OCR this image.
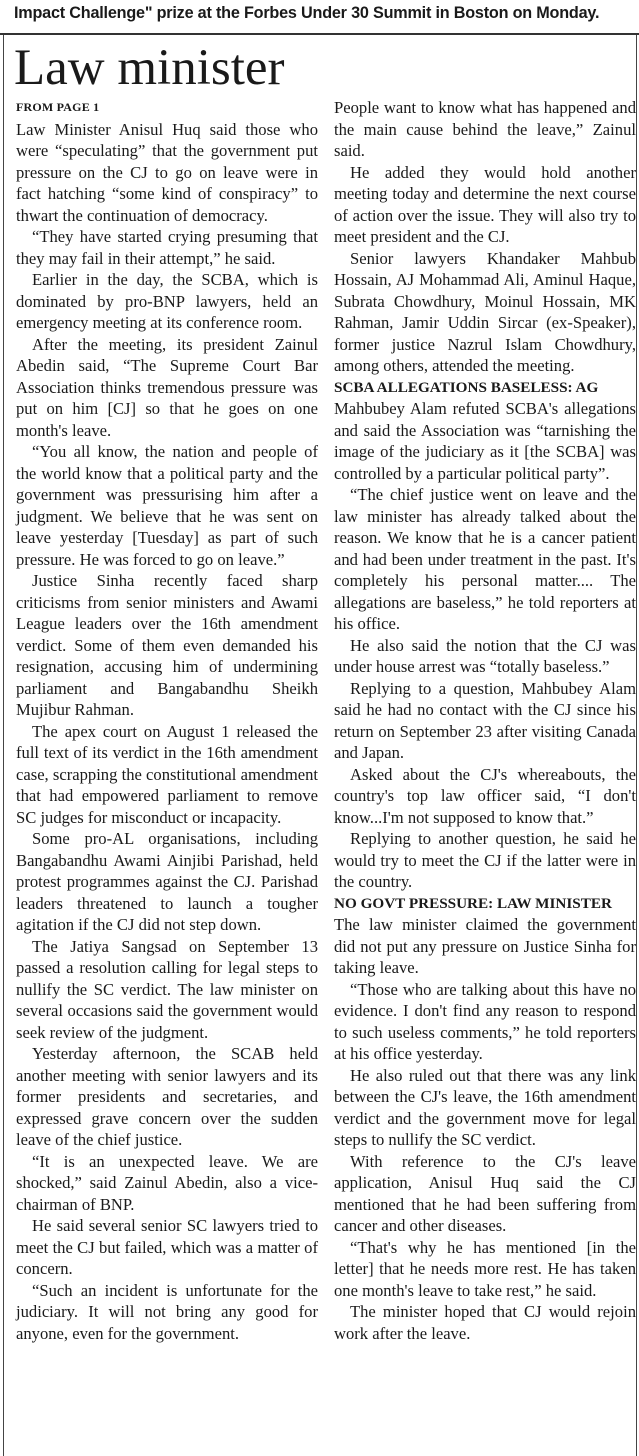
Impact Challenge" prize at the Forbes Under 30 Summit in Boston on Monday.
Law minister
FROM PAGE 1

Law Minister Anisul Huq said those who were “speculating” that the government put pressure on the CJ to go on leave were in fact hatching “some kind of conspiracy” to thwart the continuation of democracy.

“They have started crying presuming that they may fail in their attempt,” he said.

Earlier in the day, the SCBA, which is dominated by pro-BNP lawyers, held an emergency meeting at its conference room.

After the meeting, its president Zainul Abedin said, “The Supreme Court Bar Association thinks tremendous pressure was put on him [CJ] so that he goes on one month's leave.

“You all know, the nation and people of the world know that a political party and the government was pressurising him after a judgment. We believe that he was sent on leave yesterday [Tuesday] as part of such pressure. He was forced to go on leave.”

Justice Sinha recently faced sharp criticisms from senior ministers and Awami League leaders over the 16th amendment verdict. Some of them even demanded his resignation, accusing him of undermining parliament and Bangabandhu Sheikh Mujibur Rahman.

The apex court on August 1 released the full text of its verdict in the 16th amendment case, scrapping the constitutional amendment that had empowered parliament to remove SC judges for misconduct or incapacity.

Some pro-AL organisations, including Bangabandhu Awami Ainjibi Parishad, held protest programmes against the CJ. Parishad leaders threatened to launch a tougher agitation if the CJ did not step down.

The Jatiya Sangsad on September 13 passed a resolution calling for legal steps to nullify the SC verdict. The law minister on several occasions said the government would seek review of the judgment.

Yesterday afternoon, the SCAB held another meeting with senior lawyers and its former presidents and secretaries, and expressed grave concern over the sudden leave of the chief justice.

“It is an unexpected leave. We are shocked,” said Zainul Abedin, also a vice-chairman of BNP.

He said several senior SC lawyers tried to meet the CJ but failed, which was a matter of concern.

“Such an incident is unfortunate for the judiciary. It will not bring any good for anyone, even for the government.

People want to know what has happened and the main cause behind the leave,” Zainul said.

He added they would hold another meeting today and determine the next course of action over the issue. They will also try to meet president and the CJ.

Senior lawyers Khandaker Mahbub Hossain, AJ Mohammad Ali, Aminul Haque, Subrata Chowdhury, Moinul Hossain, MK Rahman, Jamir Uddin Sircar (ex-Speaker), former justice Nazrul Islam Chowdhury, among others, attended the meeting.

SCBA ALLEGATIONS BASELESS: AG

Mahbubey Alam refuted SCBA's allegations and said the Association was “tarnishing the image of the judiciary as it [the SCBA] was controlled by a particular political party”.

“The chief justice went on leave and the law minister has already talked about the reason. We know that he is a cancer patient and had been under treatment in the past. It's completely his personal matter.... The allegations are baseless,” he told reporters at his office.

He also said the notion that the CJ was under house arrest was “totally baseless.”

Replying to a question, Mahbubey Alam said he had no contact with the CJ since his return on September 23 after visiting Canada and Japan.

Asked about the CJ's whereabouts, the country's top law officer said, “I don't know...I'm not supposed to know that.”

Replying to another question, he said he would try to meet the CJ if the latter were in the country.

NO GOVT PRESSURE: LAW MINISTER

The law minister claimed the government did not put any pressure on Justice Sinha for taking leave.

“Those who are talking about this have no evidence. I don't find any reason to respond to such useless comments,” he told reporters at his office yesterday.

He also ruled out that there was any link between the CJ's leave, the 16th amendment verdict and the government move for legal steps to nullify the SC verdict.

With reference to the CJ's leave application, Anisul Huq said the CJ mentioned that he had been suffering from cancer and other diseases.

“That's why he has mentioned [in the letter] that he needs more rest. He has taken one month's leave to take rest,” he said.

The minister hoped that CJ would rejoin work after the leave.
